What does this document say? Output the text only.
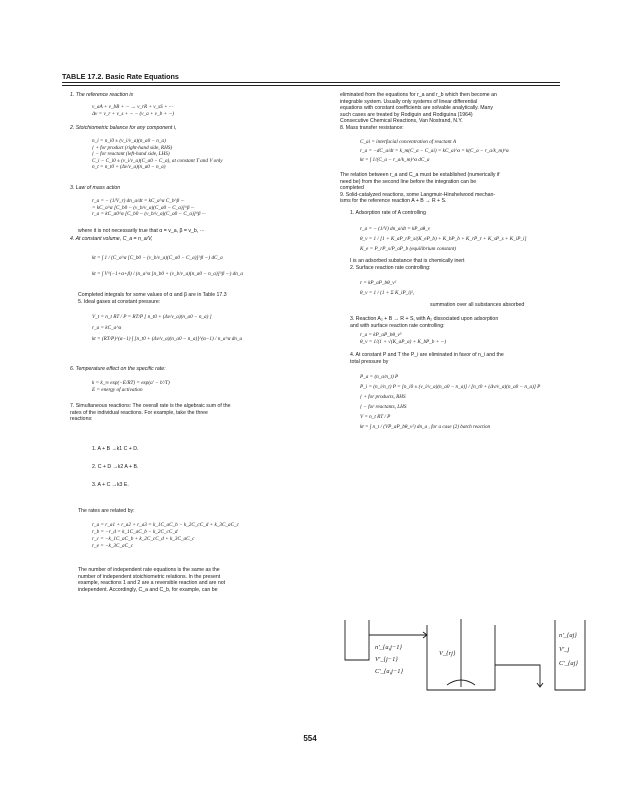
TABLE 17.2. Basic Rate Equations
1. The reference reaction is
v_aA + v_bB + ··· → v_rR + v_sS + ···
Δv = v_r + v_s + ··· − (v_a + v_b + ···)
2. Stoichiometric balance for any component i,
n_i = n_i0 ± (v_i/v_a)(n_a0 − n_a)
{ + for product (right-hand side, RHS)
{ − for reactant (left-hand side, LHS)
C_i − C_i0 ± (v_i/v_a)(C_a0 − C_a), at constant T and V only
n_t = n_t0 + (Δv/v_a)(n_a0 − n_a)
3. Law of mass action
r_a = − (1/V_r) dn_a/dt = kC_a^α C_b^β ···
= kC_a^α [C_b0 − (v_b/v_a)(C_a0 − C_a)]^β ···
r_a = kC_a0^α [C_b0 − (v_b/v_a)(C_a0 − C_a)]^β ···
where it is not necessarily true that α = v_a, β = v_b, ···
4. At constant volume, C_a = n_a/V,
kt = ∫ 1 / (C_a^α [C_b0 − (v_b/v_a)(C_a0 − C_a)]^β ···) dC_a
kt = ∫ V^(−1+α+β) / (n_a^α [n_b0 + (v_b/v_a)(n_a0 − n_a)]^β ···) dn_a
Completed integrals for some values of α and β are in Table 17.3
5. Ideal gases at constant pressure:
V_t = n_t RT / P = RT/P [ n_t0 + (Δv/v_a)(n_a0 − n_a) ]
r_a = kC_a^α
kt = (RT/P)^(α−1) ∫ [n_t0 + (Δv/v_a)(n_a0 − n_a)]^(α−1) / n_a^α dn_a
6. Temperature effect on the specific rate:
k = k_∞ exp(−E/RT) = exp(a′ − b′/T)
E = energy of activation
7. Simultaneous reactions: The overall rate is the algebraic sum of the
rates of the individual reactions. For example, take the three
reactions:
1. A + B →k1 C + D.
2. C + D →k2 A + B.
3. A + C →k3 E.
The rates are related by:
r_a = r_a1 + r_a2 + r_a3 = k_1C_aC_b − k_2C_cC_d + k_3C_aC_c
r_b = −r_d = k_1C_aC_b − k_2C_cC_d
r_c = −k_1C_aC_b + k_2C_cC_d + k_3C_aC_c
r_e = −k_3C_aC_c
The number of independent rate equations is the same as the
number of independent stoichiometric relations. In the present
example, reactions 1 and 2 are a reversible reaction and are not
independent. Accordingly, C_a and C_b, for example, can be
eliminated from the equations for r_a and r_b which then become an
integrable system. Usually only systems of linear differential
equations with constant coefficients are solvable analytically. Many
such cases are treated by Rodiguin and Rodiguina (1964)
Consecutive Chemical Reactions, Van Nostrand, N.Y.
8. Mass transfer resistance:
C_ai = interfacial concentration of reactant A
r_a = −dC_a/dt = k_m(C_a − C_ai) = kC_ai^α = k(C_a − r_a/k_m)^α
kt = ∫ 1/(C_a − r_a/k_m)^α dC_a
The relation between r_a and C_a must be established (numerically if
need be) from the second line before the integration can be
completed
9. Solid-catalyzed reactions, some Langmuir-Hinshelwood mechan-
isms for the reference reaction A + B → R + S.
1. Adsorption rate of A controlling
r_a = − (1/V) dn_a/dt = kP_aθ_v
θ_v = 1 / [1 + K_aP_rP_s/(K_eP_b) + K_bP_b + K_rP_r + K_sP_s + K_iP_i]
K_e = P_rP_s/P_aP_b (equilibrium constant)
I is an adsorbed substance that is chemically inert
2. Surface reaction rate controlling:
r = kP_aP_bθ_v²
θ_v = 1 / (1 + Σ K_iP_i)²,
summation over all substances absorbed
3. Reaction A₂ + B → R + S, with A₂ dissociated upon adsorption
and with surface reaction rate controlling:
r_a = kP_aP_bθ_v³
θ_v = 1/(1 + √(K_aP_a) + K_bP_b + ···)
4. At constant P and T the P_i are eliminated in favor of n_i and the
total pressure by
P_a = (n_a/n_t) P
P_i = (n_i/n_t) P = [n_i0 ± (v_i/v_a)(n_a0 − n_a)] / [n_t0 + (Δv/v_a)(n_a0 − n_a)] P
{ + for products, RHS
{ − for reactants, LHS
V = n_t RT / P
kt = ∫ n_t / (VP_aP_bθ_v²) dn_a , for a case (2) batch reaction
n'_{a,j−1}
V'_{j−1}
C'_{a,j−1}
V_{rj}
n'_{aj}
V'_j
C'_{aj}
554
